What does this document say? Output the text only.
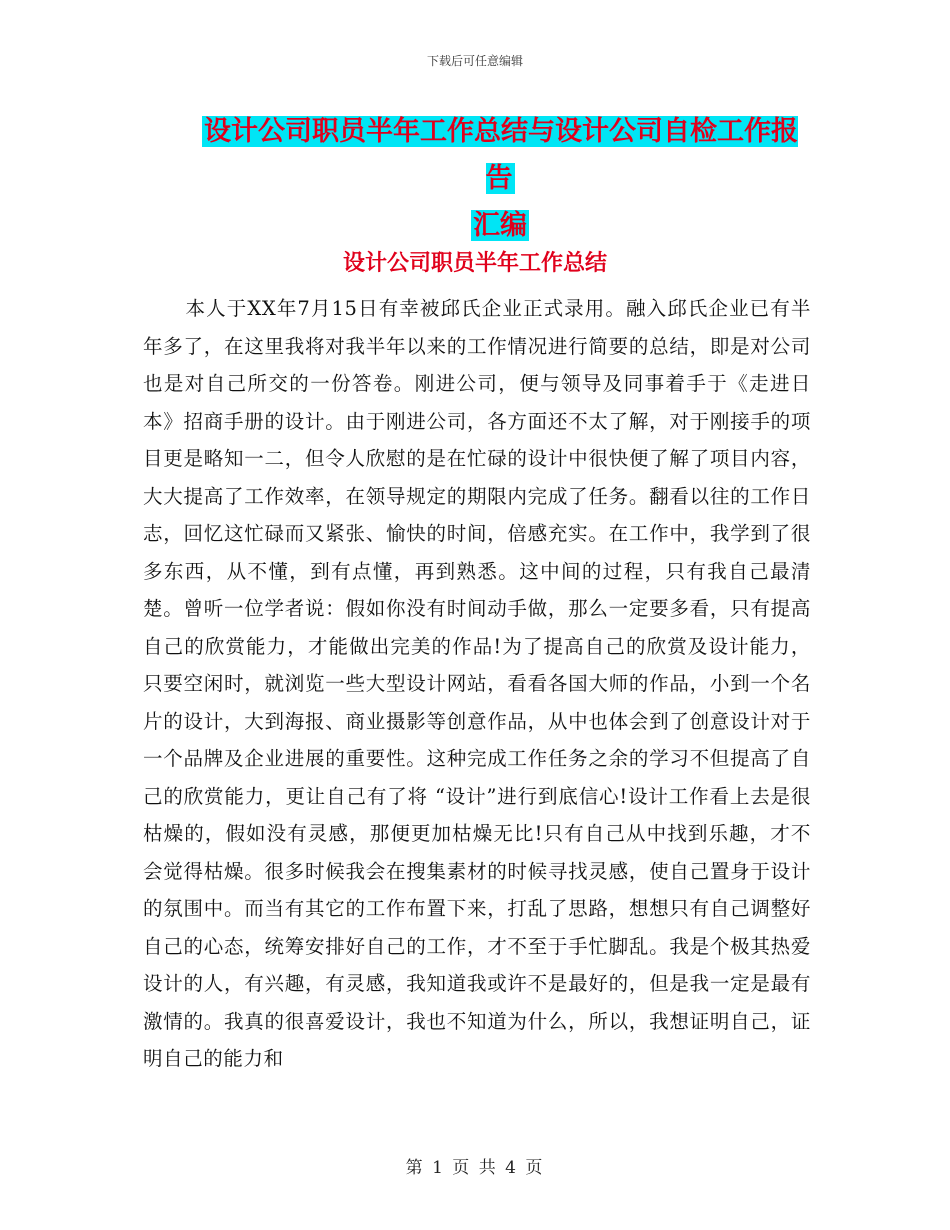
下载后可任意编辑
设计公司职员半年工作总结与设计公司自检工作报告
汇编
设计公司职员半年工作总结
本人于XX年7月15日有幸被邱氏企业正式录用。融入邱氏企业已有半年多了，在这里我将对我半年以来的工作情况进行简要的总结，即是对公司也是对自己所交的一份答卷。刚进公司，便与领导及同事着手于《走进日本》招商手册的设计。由于刚进公司，各方面还不太了解，对于刚接手的项目更是略知一二，但令人欣慰的是在忙碌的设计中很快便了解了项目内容，大大提高了工作效率，在领导规定的期限内完成了任务。翻看以往的工作日志，回忆这忙碌而又紧张、愉快的时间，倍感充实。在工作中，我学到了很多东西，从不懂，到有点懂，再到熟悉。这中间的过程，只有我自己最清楚。曾听一位学者说：假如你没有时间动手做，那么一定要多看，只有提高自己的欣赏能力，才能做出完美的作品!为了提高自己的欣赏及设计能力，只要空闲时，就浏览一些大型设计网站，看看各国大师的作品，小到一个名片的设计，大到海报、商业摄影等创意作品，从中也体会到了创意设计对于一个品牌及企业进展的重要性。这种完成工作任务之余的学习不但提高了自己的欣赏能力，更让自己有了将 “设计”进行到底信心!设计工作看上去是很枯燥的，假如没有灵感，那便更加枯燥无比!只有自己从中找到乐趣，才不会觉得枯燥。很多时候我会在搜集素材的时候寻找灵感，使自己置身于设计的氛围中。而当有其它的工作布置下来，打乱了思路，想想只有自己调整好自己的心态，统筹安排好自己的工作，才不至于手忙脚乱。我是个极其热爱设计的人，有兴趣，有灵感，我知道我或许不是最好的，但是我一定是最有激情的。我真的很喜爱设计，我也不知道为什么，所以，我想证明自己，证明自己的能力和
第 1 页 共 4 页
